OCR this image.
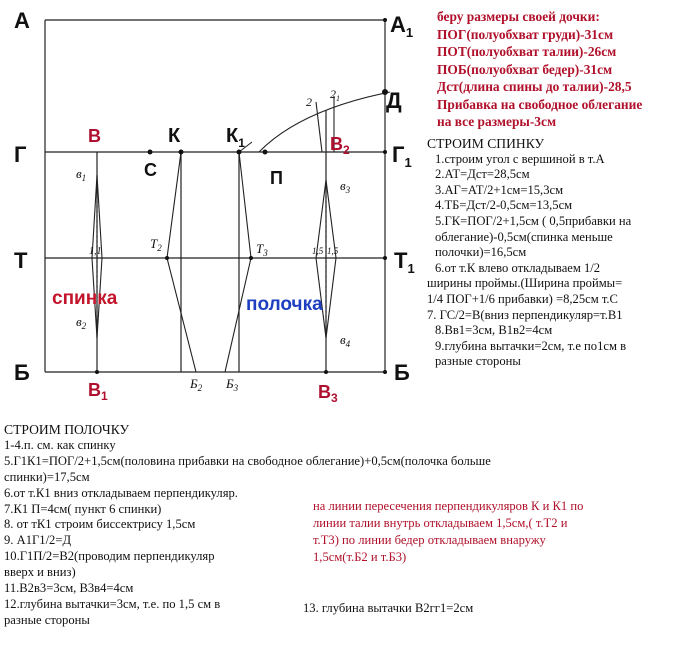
А	$А_1$
Г	$Г_1$
Т	$Т_1$
Б	Б
Д
К $К_1$
С	П
В
$В_1$
$В_2$
$В_3$
$в_1$
$в_2$
$в_3$
$в_4$
$Т_2$	$Т_3$
$Б_2$ $Б_3$
1,1	1,5 1,5
2
$2_1$
спинка	полочка
беру размеры своей дочки:
ПОГ(полуобхват груди)-31см
ПОТ(полуобхват талии)-26см
ПОБ(полуобхват бедер)-31см
Дст(длина спины до талии)-28,5
Прибавка на свободное облегание
на все размеры-3см
СТРОИМ СПИНКУ
1.строим угол с вершиной в т.А
2.АТ=Дст=28,5см
3.АГ=АТ/2+1см=15,3см
4.ТБ=Дст/2-0,5см=13,5см
5.ГК=ПОГ/2+1,5см ( 0,5прибавки на
облегание)-0,5см(спинка меньше
полочки)=16,5см
6.от т.К влево откладываем 1/2
ширины проймы.(Ширина проймы=
1/4 ПОГ+1/6 прибавки) =8,25см т.С
7. ГС/2=В(вниз перпендикуляр=т.В1
8.Вв1=3см, В1в2=4см
9.глубина вытачки=2см, т.е по1см в
разные стороны
СТРОИМ ПОЛОЧКУ
1-4.п. см. как спинку
5.Г1К1=ПОГ/2+1,5см(половина прибавки на свободное облегание)+0,5см(полочка больше
спинки)=17,5см
6.от т.К1 вниз откладываем перпендикуляр.
7.К1 П=4см( пункт 6 спинки)
8. от тК1 строим биссектрису 1,5см
9. А1Г1/2=Д
10.Г1П/2=В2(проводим перпендикуляр
вверх и вниз)
11.В2в3=3см, В3в4=4см
12.глубина вытачки=3см, т.е. по 1,5 см в
разные стороны
на линии пересечения перпендикуляров К и К1 по
линии талии внутрь откладываем 1,5см,( т.Т2 и
т.Т3) по линии бедер откладываем внаружу
1,5см(т.Б2 и т.Б3)
13. глубина вытачки В2гг1=2см
